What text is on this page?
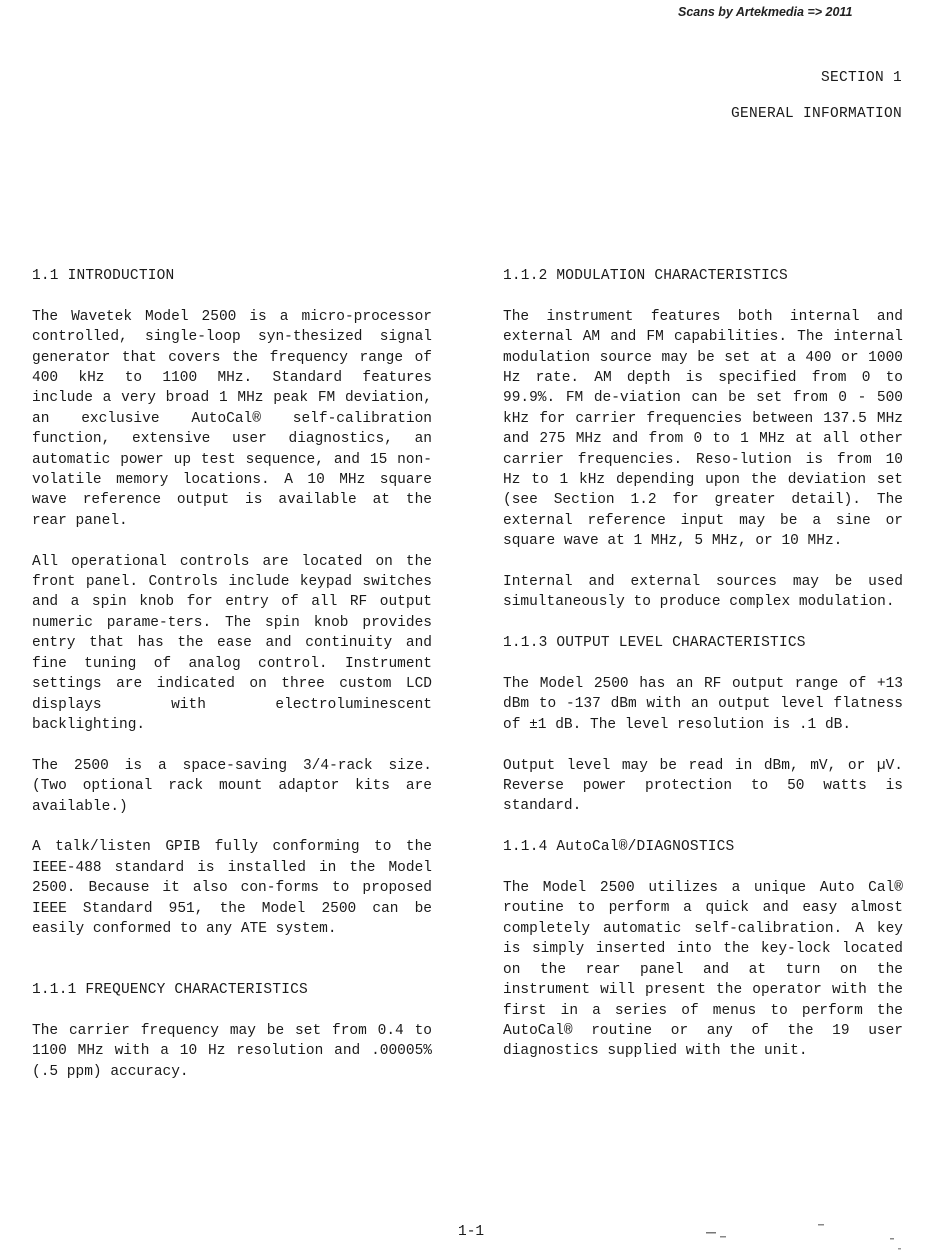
Scans by Artekmedia => 2011
SECTION 1
GENERAL INFORMATION
1.1 INTRODUCTION

The Wavetek Model 2500 is a micro-processor controlled, single-loop syn-thesized signal generator that covers the frequency range of 400 kHz to 1100 MHz. Standard features include a very broad 1 MHz peak FM deviation, an exclusive AutoCal® self-calibration function, extensive user diagnostics, an automatic power up test sequence, and 15 non-volatile memory locations. A 10 MHz square wave reference output is available at the rear panel.

All operational controls are located on the front panel. Controls include keypad switches and a spin knob for entry of all RF output numeric parame-ters. The spin knob provides entry that has the ease and continuity and fine tuning of analog control. Instrument settings are indicated on three custom LCD displays with electroluminescent backlighting.

The 2500 is a space-saving 3/4-rack size. (Two optional rack mount adaptor kits are available.)

A talk/listen GPIB fully conforming to the IEEE-488 standard is installed in the Model 2500. Because it also con-forms to proposed IEEE Standard 951, the Model 2500 can be easily conformed to any ATE system.

1.1.1 FREQUENCY CHARACTERISTICS

The carrier frequency may be set from 0.4 to 1100 MHz with a 10 Hz resolution and .00005% (.5 ppm) accuracy.

1.1.2 MODULATION CHARACTERISTICS

The instrument features both internal and external AM and FM capabilities. The internal modulation source may be set at a 400 or 1000 Hz rate. AM depth is specified from 0 to 99.9%. FM de-viation can be set from 0 - 500 kHz for carrier frequencies between 137.5 MHz and 275 MHz and from 0 to 1 MHz at all other carrier frequencies. Reso-lution is from 10 Hz to 1 kHz depending upon the deviation set (see Section 1.2 for greater detail). The external reference input may be a sine or square wave at 1 MHz, 5 MHz, or 10 MHz.

Internal and external sources may be used simultaneously to produce complex modulation.

1.1.3 OUTPUT LEVEL CHARACTERISTICS

The Model 2500 has an RF output range of +13 dBm to -137 dBm with an output level flatness of ±1 dB. The level resolution is .1 dB.

Output level may be read in dBm, mV, or µV. Reverse power protection to 50 watts is standard.

1.1.4 AutoCal®/DIAGNOSTICS

The Model 2500 utilizes a unique Auto Cal® routine to perform a quick and easy almost completely automatic self-calibration. A key is simply inserted into the key-lock located on the rear panel and at turn on the instrument will present the operator with the first in a series of menus to perform the AutoCal® routine or any of the 19 user diagnostics supplied with the unit.

1-1
